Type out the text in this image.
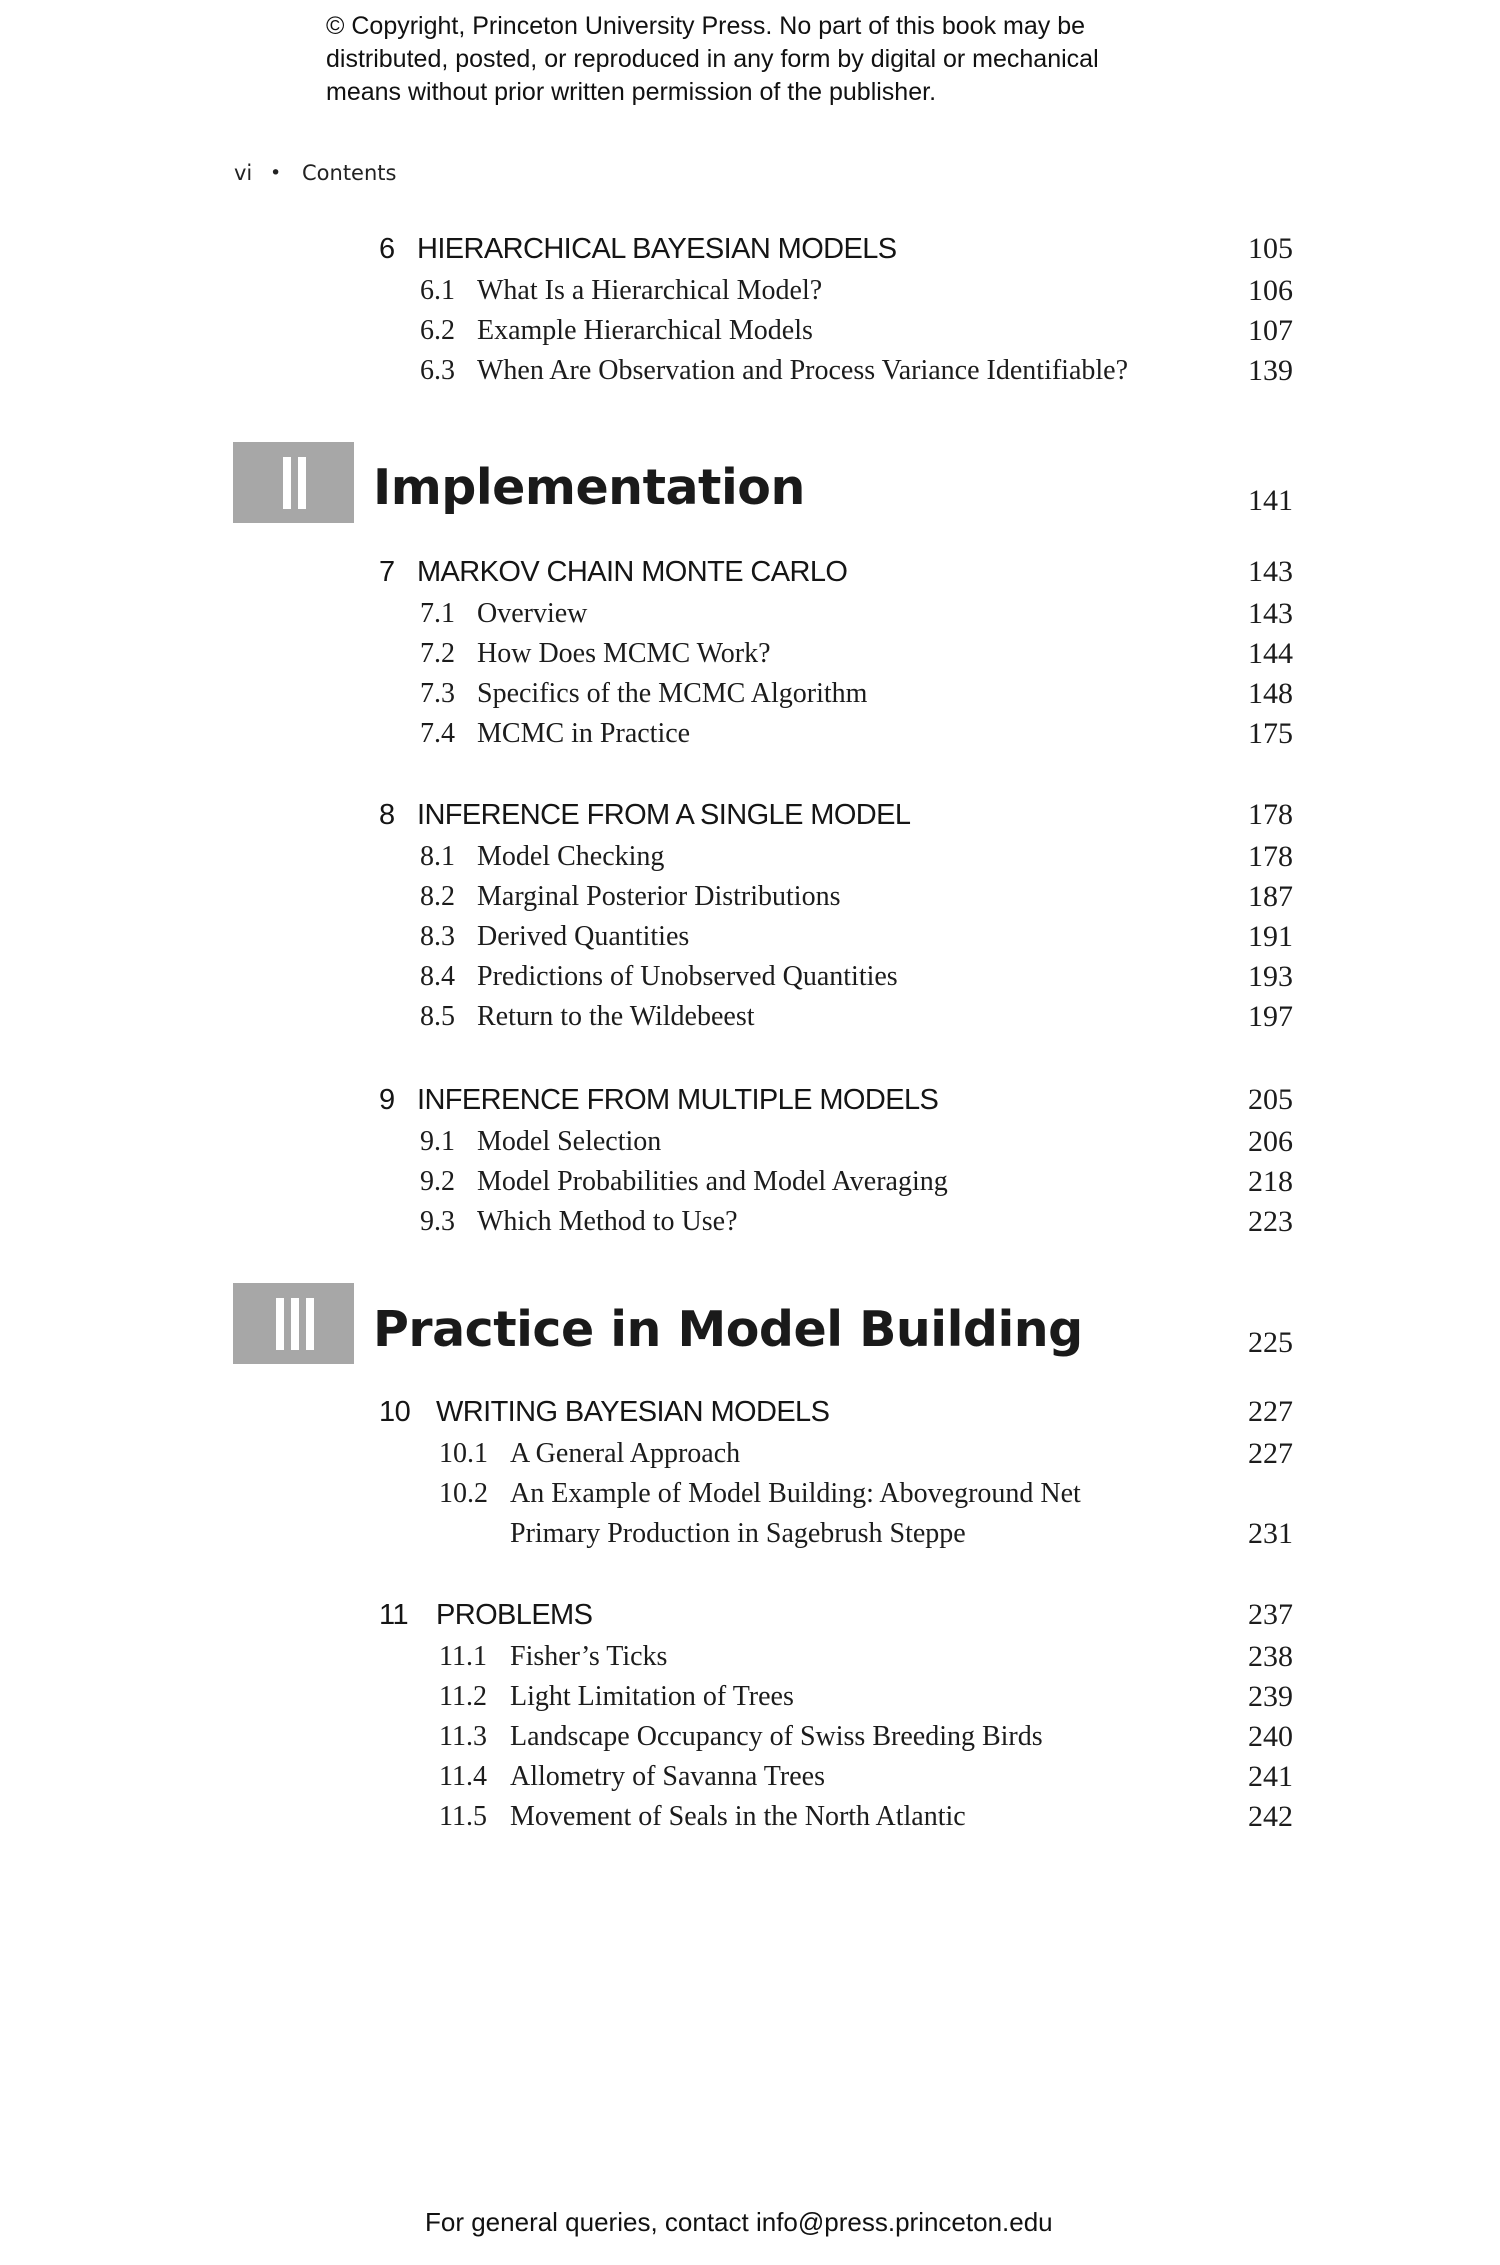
© Copyright, Princeton University Press. No part of this book may be
distributed, posted, or reproduced in any form by digital or mechanical
means without prior written permission of the publisher.
vi • Contents
6 HIERARCHICAL BAYESIAN MODELS	105
6.1 What Is a Hierarchical Model?	106
6.2 Example Hierarchical Models	107
6.3 When Are Observation and Process Variance Identifiable?	139
Implementation	141
7 MARKOV CHAIN MONTE CARLO	143
7.1 Overview	143
7.2 How Does MCMC Work?	144
7.3 Specifics of the MCMC Algorithm	148
7.4 MCMC in Practice	175
8 INFERENCE FROM A SINGLE MODEL	178
8.1 Model Checking	178
8.2 Marginal Posterior Distributions	187
8.3 Derived Quantities	191
8.4 Predictions of Unobserved Quantities	193
8.5 Return to the Wildebeest	197
9 INFERENCE FROM MULTIPLE MODELS	205
9.1 Model Selection	206
9.2 Model Probabilities and Model Averaging	218
9.3 Which Method to Use?	223
Practice in Model Building	225
10 WRITING BAYESIAN MODELS	227
10.1 A General Approach	227
10.2 An Example of Model Building: Aboveground Net
Primary Production in Sagebrush Steppe	231
11 PROBLEMS	237
11.1 Fisher’s Ticks	238
11.2 Light Limitation of Trees	239
11.3 Landscape Occupancy of Swiss Breeding Birds	240
11.4 Allometry of Savanna Trees	241
11.5 Movement of Seals in the North Atlantic	242
For general queries, contact info@press.princeton.edu
